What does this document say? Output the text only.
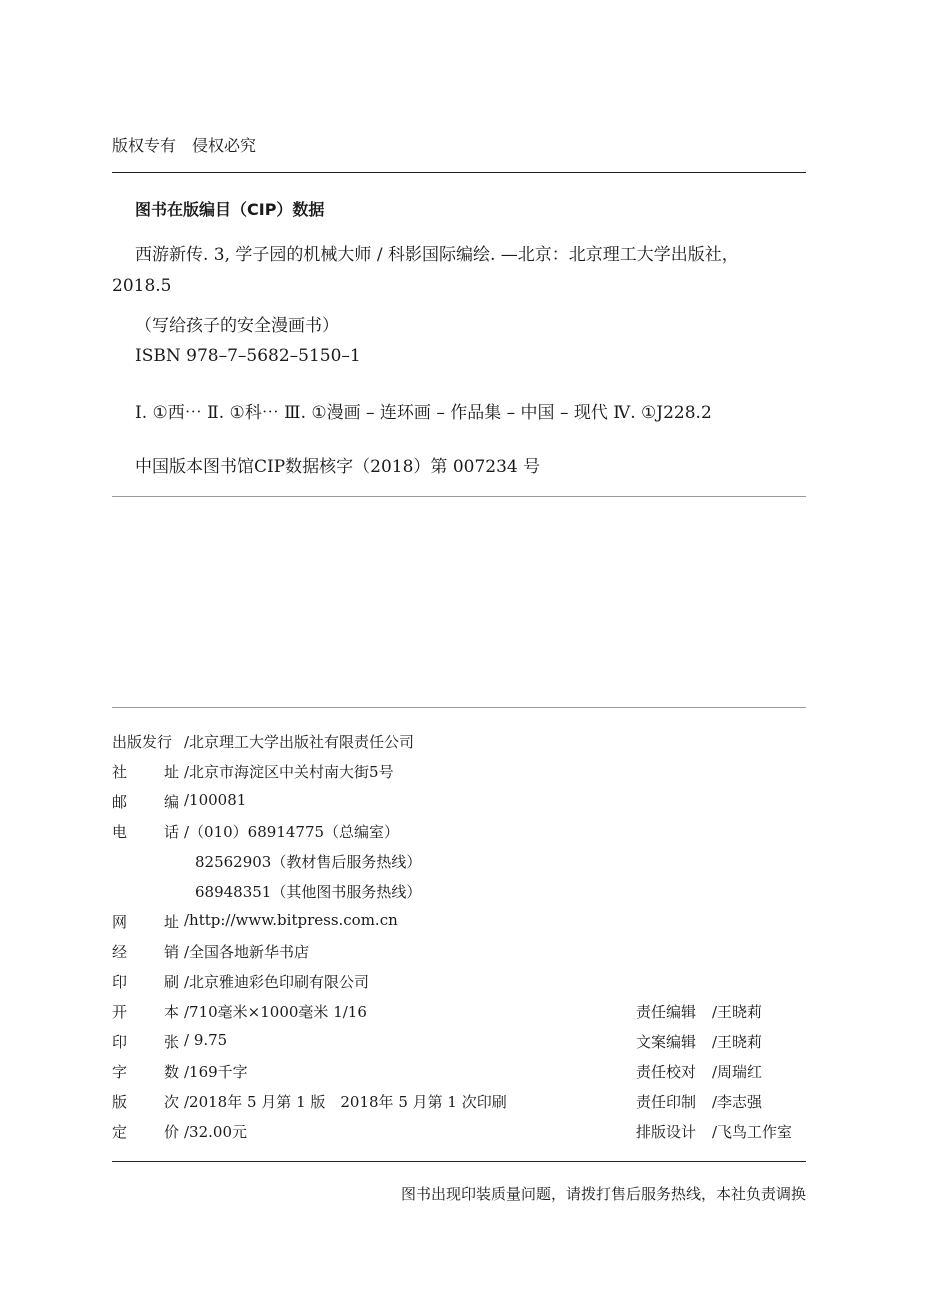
版权专有　侵权必究
图书在版编目（CIP）数据
西游新传. 3, 学子园的机械大师 / 科影国际编绘. —北京：北京理工大学出版社，
2018.5
（写给孩子的安全漫画书）
ISBN 978–7–5682–5150–1
Ⅰ. ①西⋯ Ⅱ. ①科⋯ Ⅲ. ①漫画 – 连环画 – 作品集 – 中国 – 现代 Ⅳ. ①J228.2
中国版本图书馆CIP数据核字（2018）第 007234 号
出版发行 /北京理工大学出版社有限责任公司
社 址 /北京市海淀区中关村南大街5号
邮 编 /100081
电 话 /（010）68914775（总编室）
82562903（教材售后服务热线）
68948351（其他图书服务热线）
网 址 /http://www.bitpress.com.cn
经 销 /全国各地新华书店
印 刷 /北京雅迪彩色印刷有限公司
开 本 /710毫米×1000毫米 1/16
印 张 / 9.75
字 数 /169千字
版 次 /2018年 5 月第 1 版　2018年 5 月第 1 次印刷
定 价 /32.00元
责任编辑 /王晓莉
文案编辑 /王晓莉
责任校对 /周瑞红
责任印制 /李志强
排版设计 /飞鸟工作室
图书出现印装质量问题，请拨打售后服务热线，本社负责调换
